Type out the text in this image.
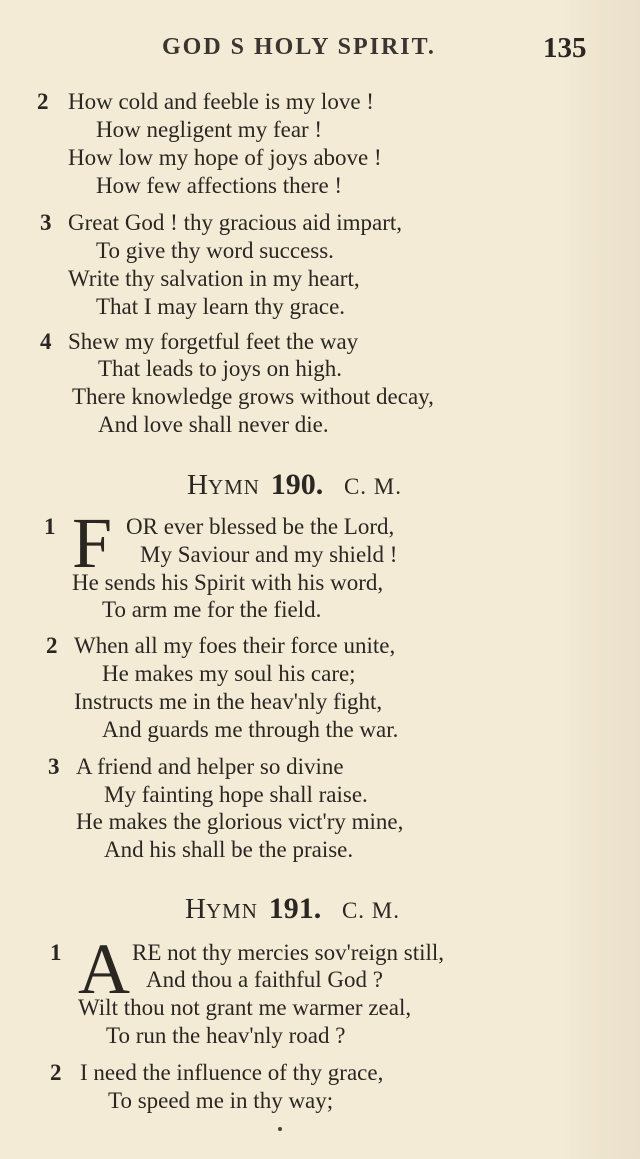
GOD S HOLY SPIRIT.	135
2 How cold and feeble is my love !
How negligent my fear !
How low my hope of joys above !
How few affections there !
3 Great God ! thy gracious aid impart,
To give thy word success.
Write thy salvation in my heart,
That I may learn thy grace.
4 Shew my forgetful feet the way
That leads to joys on high.
There knowledge grows without decay,
And love shall never die.
HYMN 190. C. M.
1 F OR ever blessed be the Lord,
My Saviour and my shield !
He sends his Spirit with his word,
To arm me for the field.
2 When all my foes their force unite,
He makes my soul his care;
Instructs me in the heav'nly fight,
And guards me through the war.
3 A friend and helper so divine
My fainting hope shall raise.
He makes the glorious vict'ry mine,
And his shall be the praise.
HYMN 191. C. M.
1 A RE not thy mercies sov'reign still,
And thou a faithful God ?
Wilt thou not grant me warmer zeal,
To run the heav'nly road ?
2 I need the influence of thy grace,
To speed me in thy way;
